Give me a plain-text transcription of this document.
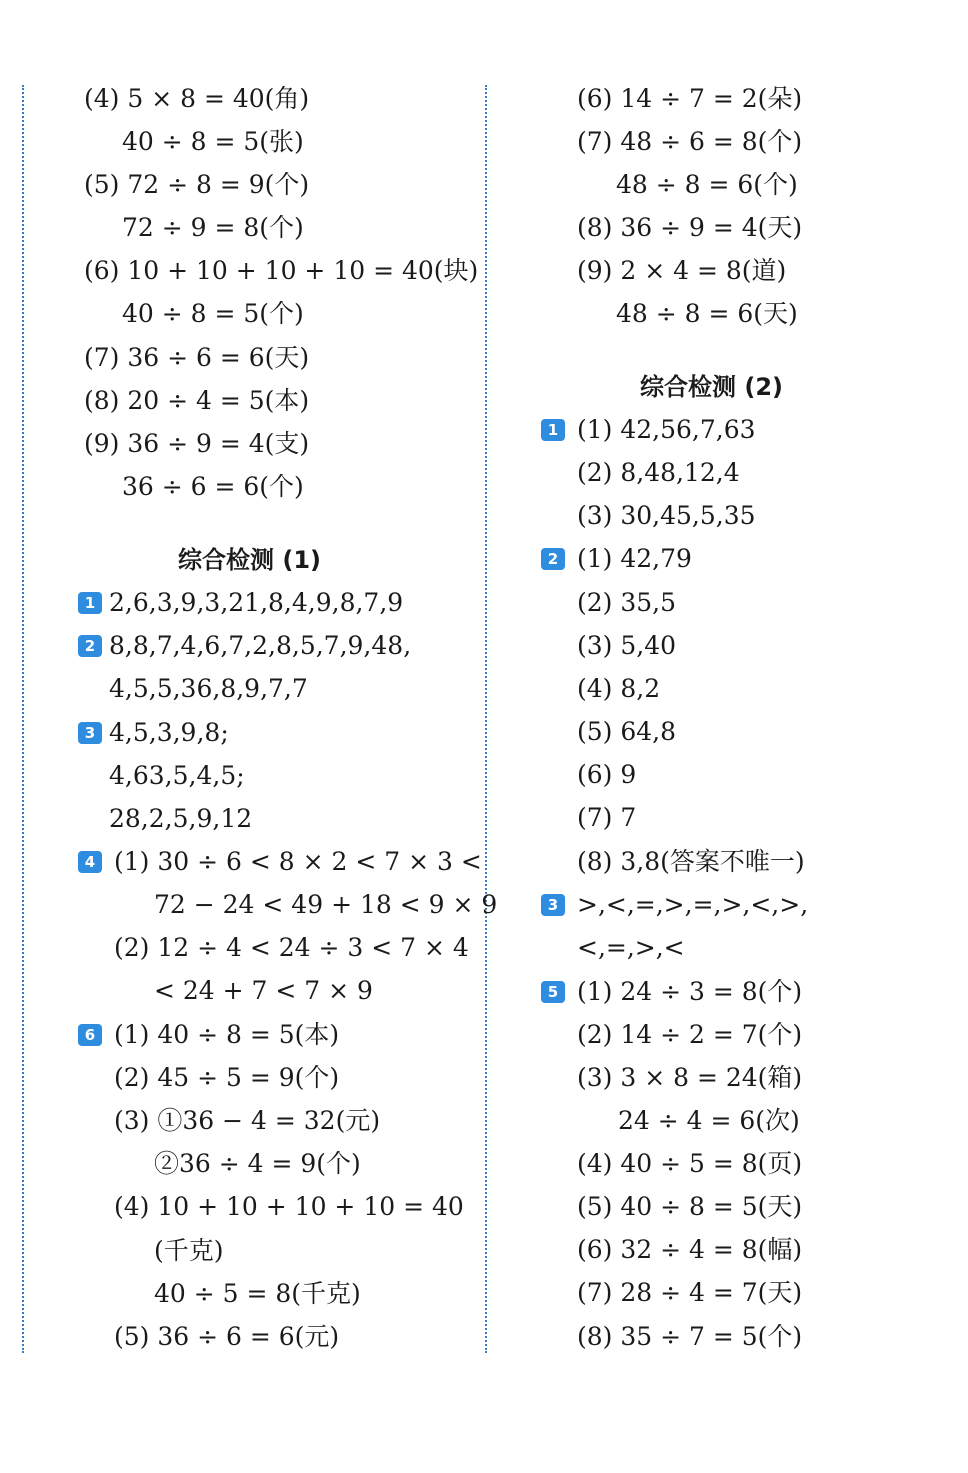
(4) 5 × 8 = 40(角)
40 ÷ 8 = 5(张)
(5) 72 ÷ 8 = 9(个)
72 ÷ 9 = 8(个)
(6) 10 + 10 + 10 + 10 = 40(块)
40 ÷ 8 = 5(个)
(7) 36 ÷ 6 = 6(天)
(8) 20 ÷ 4 = 5(本)
(9) 36 ÷ 9 = 4(支)
36 ÷ 6 = 6(个)
综合检测 (1)
1 2,6,3,9,3,21,8,4,9,8,7,9
2 8,8,7,4,6,7,2,8,5,7,9,48,
4,5,5,36,8,9,7,7
3 4,5,3,9,8;
4,63,5,4,5;
28,2,5,9,12
4 (1) 30 ÷ 6 < 8 × 2 < 7 × 3 <
72 − 24 < 49 + 18 < 9 × 9
(2) 12 ÷ 4 < 24 ÷ 3 < 7 × 4
< 24 + 7 < 7 × 9
6 (1) 40 ÷ 8 = 5(本)
(2) 45 ÷ 5 = 9(个)
(3) ①36 − 4 = 32(元)
②36 ÷ 4 = 9(个)
(4) 10 + 10 + 10 + 10 = 40
(千克)
40 ÷ 5 = 8(千克)
(5) 36 ÷ 6 = 6(元)
(6) 14 ÷ 7 = 2(朵)
(7) 48 ÷ 6 = 8(个)
48 ÷ 8 = 6(个)
(8) 36 ÷ 9 = 4(天)
(9) 2 × 4 = 8(道)
48 ÷ 8 = 6(天)
综合检测 (2)
1 (1) 42,56,7,63
(2) 8,48,12,4
(3) 30,45,5,35
2 (1) 42,79
(2) 35,5
(3) 5,40
(4) 8,2
(5) 64,8
(6) 9
(7) 7
(8) 3,8(答案不唯一)
3 >,<,=,>,=,>,<,>,
<,=,>,<
5 (1) 24 ÷ 3 = 8(个)
(2) 14 ÷ 2 = 7(个)
(3) 3 × 8 = 24(箱)
24 ÷ 4 = 6(次)
(4) 40 ÷ 5 = 8(页)
(5) 40 ÷ 8 = 5(天)
(6) 32 ÷ 4 = 8(幅)
(7) 28 ÷ 4 = 7(天)
(8) 35 ÷ 7 = 5(个)
